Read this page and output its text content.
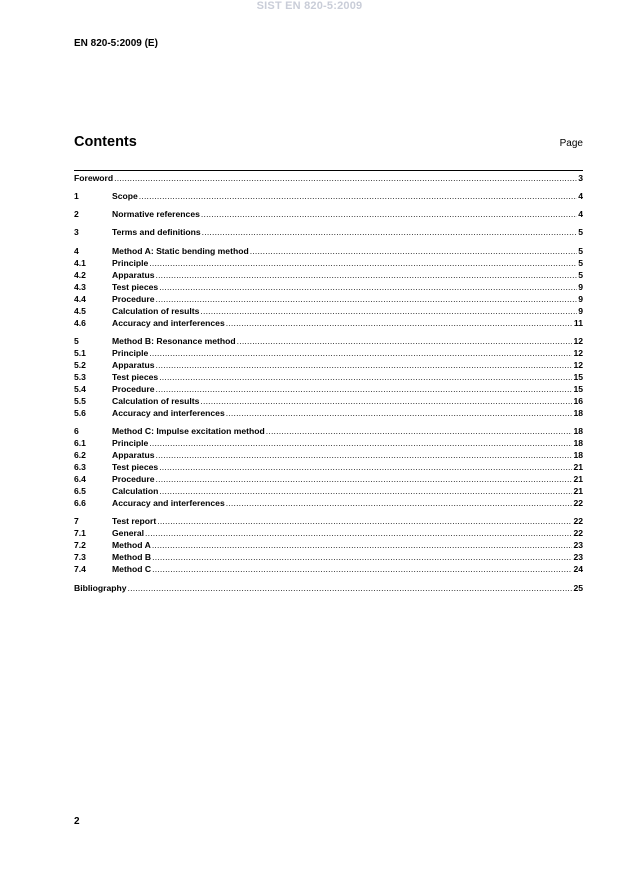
SIST EN 820-5:2009
EN 820-5:2009 (E)
Contents	Page
Foreword .....	3
1	Scope .....	4
2	Normative references .....	4
3	Terms and definitions .....	5
4	Method A: Static bending method .....	5
4.1	Principle .....	5
4.2	Apparatus .....	5
4.3	Test pieces .....	9
4.4	Procedure .....	9
4.5	Calculation of results .....	9
4.6	Accuracy and interferences .....	11
5	Method B: Resonance method .....	12
5.1	Principle .....	12
5.2	Apparatus .....	12
5.3	Test pieces .....	15
5.4	Procedure .....	15
5.5	Calculation of results .....	16
5.6	Accuracy and interferences .....	18
6	Method C: Impulse excitation method .....	18
6.1	Principle .....	18
6.2	Apparatus .....	18
6.3	Test pieces .....	21
6.4	Procedure .....	21
6.5	Calculation .....	21
6.6	Accuracy and interferences .....	22
7	Test report .....	22
7.1	General .....	22
7.2	Method A .....	23
7.3	Method B .....	23
7.4	Method C .....	24
Bibliography .....	25
2
